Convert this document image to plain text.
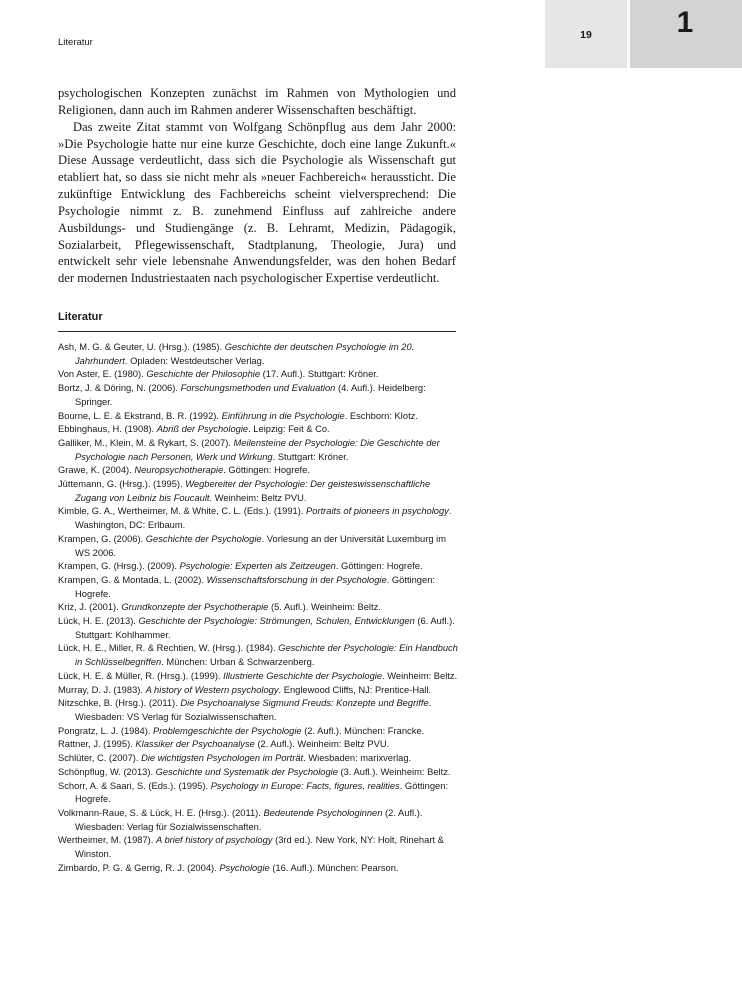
Literatur
19	1

psychologischen Konzepten zunächst im Rahmen von Mythologien und Religionen, dann auch im Rahmen anderer Wissenschaften beschäftigt.

Das zweite Zitat stammt von Wolfgang Schönpflug aus dem Jahr 2000: »Die Psychologie hatte nur eine kurze Geschichte, doch eine lange Zukunft.« Diese Aussage verdeutlicht, dass sich die Psychologie als Wissenschaft gut etabliert hat, so dass sie nicht mehr als »neuer Fachbereich« heraussticht. Die zukünftige Entwicklung des Fachbereichs scheint vielversprechend: Die Psychologie nimmt z. B. zunehmend Einfluss auf zahlreiche andere Ausbildungs- und Studiengänge (z. B. Lehramt, Medizin, Pädagogik, Sozialarbeit, Pflegewissenschaft, Stadtplanung, Theologie, Jura) und entwickelt sehr viele lebensnahe Anwendungsfelder, was den hohen Bedarf der modernen Industriestaaten nach psychologischer Expertise verdeutlicht.

Literatur
Ash, M. G. & Geuter, U. (Hrsg.). (1985). Geschichte der deutschen Psychologie im 20. Jahrhundert. Opladen: Westdeutscher Verlag.
Von Aster, E. (1980). Geschichte der Philosophie (17. Aufl.). Stuttgart: Kröner.
Bortz, J. & Döring, N. (2006). Forschungsmethoden und Evaluation (4. Aufl.). Heidelberg: Springer.
Bourne, L. E. & Ekstrand, B. R. (1992). Einführung in die Psychologie. Eschborn: Klotz.
Ebbinghaus, H. (1908). Abriß der Psychologie. Leipzig: Feit & Co.
Galliker, M., Klein, M. & Rykart, S. (2007). Meilensteine der Psychologie: Die Geschichte der Psychologie nach Personen, Werk und Wirkung. Stuttgart: Kröner.
Grawe, K. (2004). Neuropsychotherapie. Göttingen: Hogrefe.
Jüttemann, G. (Hrsg.). (1995). Wegbereiter der Psychologie: Der geisteswissenschaftliche Zugang von Leibniz bis Foucault. Weinheim: Beltz PVU.
Kimble, G. A., Wertheimer, M. & White, C. L. (Eds.). (1991). Portraits of pioneers in psychology. Washington, DC: Erlbaum.
Krampen, G. (2006). Geschichte der Psychologie. Vorlesung an der Universität Luxemburg im WS 2006.
Krampen, G. (Hrsg.). (2009). Psychologie: Experten als Zeitzeugen. Göttingen: Hogrefe.
Krampen, G. & Montada, L. (2002). Wissenschaftsforschung in der Psychologie. Göttingen: Hogrefe.
Kriz, J. (2001). Grundkonzepte der Psychotherapie (5. Aufl.). Weinheim: Beltz.
Lück, H. E. (2013). Geschichte der Psychologie: Strömungen, Schulen, Entwicklungen (6. Aufl.). Stuttgart: Kohlhammer.
Lück, H. E., Miller, R. & Rechtien, W. (Hrsg.). (1984). Geschichte der Psychologie: Ein Handbuch in Schlüsselbegriffen. München: Urban & Schwarzenberg.
Lück, H. E. & Müller, R. (Hrsg.). (1999). Illustrierte Geschichte der Psychologie. Weinheim: Beltz.
Murray, D. J. (1983). A history of Western psychology. Englewood Cliffs, NJ: Prentice-Hall.
Nitzschke, B. (Hrsg.). (2011). Die Psychoanalyse Sigmund Freuds: Konzepte und Begriffe. Wiesbaden: VS Verlag für Sozialwissenschaften.
Pongratz, L. J. (1984). Problemgeschichte der Psychologie (2. Aufl.). München: Francke.
Rattner, J. (1995). Klassiker der Psychoanalyse (2. Aufl.). Weinheim: Beltz PVU.
Schlüter, C. (2007). Die wichtigsten Psychologen im Porträt. Wiesbaden: marixverlag.
Schönpflug, W. (2013). Geschichte und Systematik der Psychologie (3. Aufl.). Weinheim: Beltz.
Schorr, A. & Saari, S. (Eds.). (1995). Psychology in Europe: Facts, figures, realities. Göttingen: Hogrefe.
Volkmann-Raue, S. & Lück, H. E. (Hrsg.). (2011). Bedeutende Psychologinnen (2. Aufl.). Wiesbaden: Verlag für Sozialwissenschaften.
Wertheimer, M. (1987). A brief history of psychology (3rd ed.). New York, NY: Holt, Rinehart & Winston.
Zimbardo, P. G. & Gerrig, R. J. (2004). Psychologie (16. Aufl.). München: Pearson.
